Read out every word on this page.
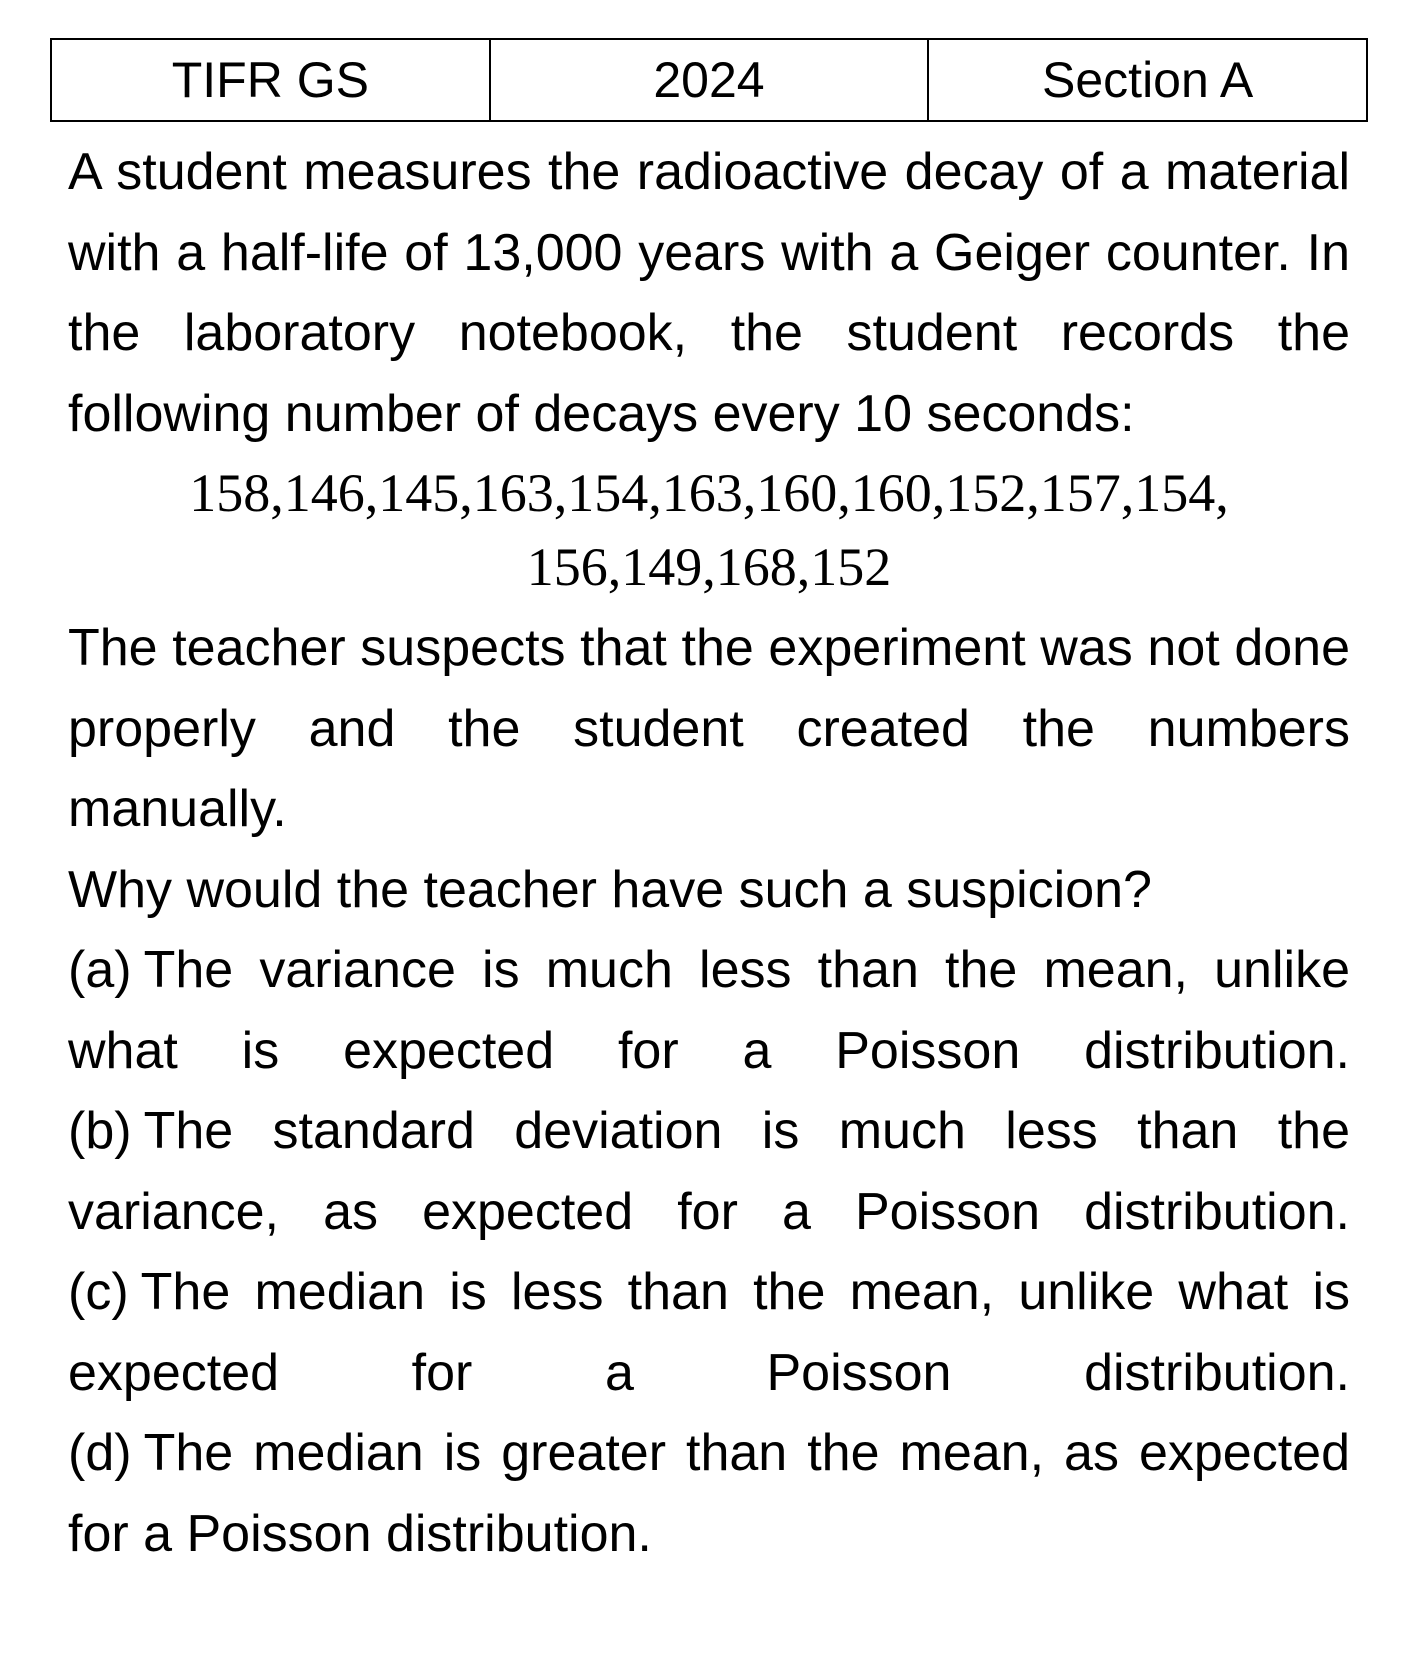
TIFR GS	2024	Section A

A student measures the radioactive decay of a material with a half-life of 13,000 years with a Geiger counter. In the laboratory notebook, the student records the following number of decays every 10 seconds:

158,146,145,163,154,163,160,160,152,157,154,
156,149,168,152

The teacher suspects that the experiment was not done properly and the student created the numbers manually.

Why would the teacher have such a suspicion?

(a) The variance is much less than the mean, unlike what is expected for a Poisson distribution.

(b) The standard deviation is much less than the variance, as expected for a Poisson distribution.

(c) The median is less than the mean, unlike what is expected for a Poisson distribution.

(d) The median is greater than the mean, as expected for a Poisson distribution.
